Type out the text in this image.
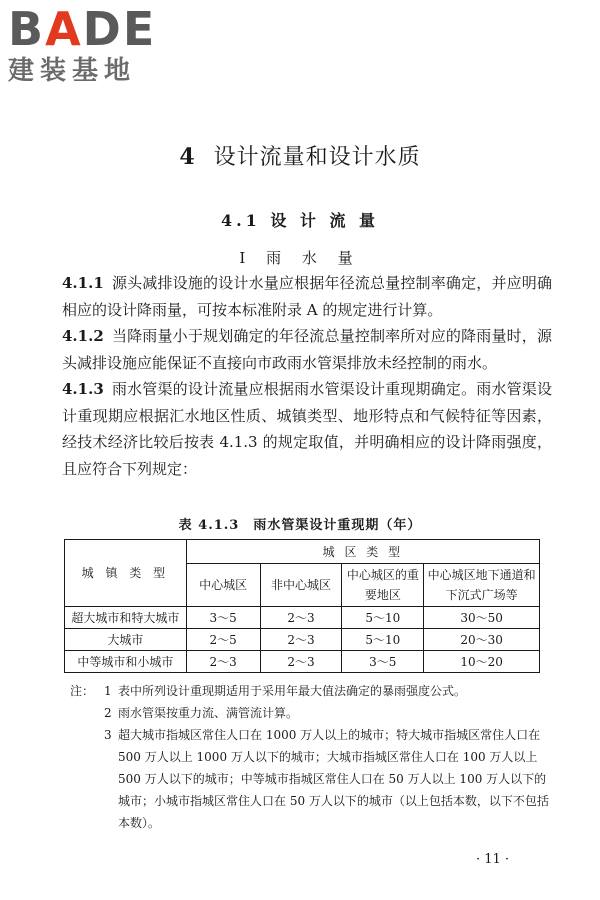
BADE
建装基地
4 设计流量和设计水质
4.1 设 计 流 量
Ⅰ 雨 水 量

4.1.1 源头减排设施的设计水量应根据年径流总量控制率确定，并应明确相应的设计降雨量，可按本标准附录 A 的规定进行计算。

4.1.2 当降雨量小于规划确定的年径流总量控制率所对应的降雨量时，源头减排设施应能保证不直接向市政雨水管渠排放未经控制的雨水。

4.1.3 雨水管渠的设计流量应根据雨水管渠设计重现期确定。雨水管渠设计重现期应根据汇水地区性质、城镇类型、地形特点和气候特征等因素，经技术经济比较后按表 4.1.3 的规定取值，并明确相应的设计降雨强度，且应符合下列规定：

表 4.1.3　雨水管渠设计重现期（年）
城 镇 类 型	城 区 类 型			
	中心城区	非中心城区	中心城区的重要地区	中心城区地下通道和下沉式广场等
超大城市和特大城市	3～5	2～3	5～10	30～50
大城市	2～5	2～3	5～10	20～30
中等城市和小城市	2～3	2～3	3～5	10～20
注： 1 表中所列设计重现期适用于采用年最大值法确定的暴雨强度公式。
2 雨水管渠按重力流、满管流计算。
3 超大城市指城区常住人口在 1000 万人以上的城市；特大城市指城区常住人口在 500 万人以上 1000 万人以下的城市；大城市指城区常住人口在 100 万人以上 500 万人以下的城市；中等城市指城区常住人口在 50 万人以上 100 万人以下的城市；小城市指城区常住人口在 50 万人以下的城市（以上包括本数，以下不包括本数）。
· 11 ·
